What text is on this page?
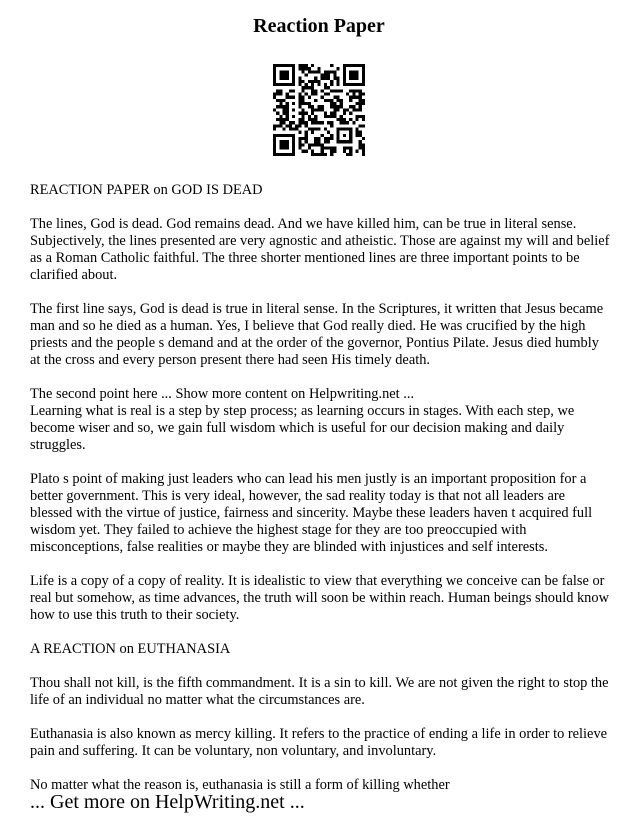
Reaction Paper

REACTION PAPER on GOD IS DEAD

The lines, God is dead. God remains dead. And we have killed him, can be true in literal sense. Subjectively, the lines presented are very agnostic and atheistic. Those are against my will and belief as a Roman Catholic faithful. The three shorter mentioned lines are three important points to be clarified about.

The first line says, God is dead is true in literal sense. In the Scriptures, it written that Jesus became man and so he died as a human. Yes, I believe that God really died. He was crucified by the high priests and the people s demand and at the order of the governor, Pontius Pilate. Jesus died humbly at the cross and every person present there had seen His timely death.

The second point here ... Show more content on Helpwriting.net ...

Learning what is real is a step by step process; as learning occurs in stages. With each step, we become wiser and so, we gain full wisdom which is useful for our decision making and daily struggles.

Plato s point of making just leaders who can lead his men justly is an important proposition for a better government. This is very ideal, however, the sad reality today is that not all leaders are blessed with the virtue of justice, fairness and sincerity. Maybe these leaders haven t acquired full wisdom yet. They failed to achieve the highest stage for they are too preoccupied with misconceptions, false realities or maybe they are blinded with injustices and self interests.

Life is a copy of a copy of reality. It is idealistic to view that everything we conceive can be false or real but somehow, as time advances, the truth will soon be within reach. Human beings should know how to use this truth to their society.

A REACTION on EUTHANASIA

Thou shall not kill, is the fifth commandment. It is a sin to kill. We are not given the right to stop the life of an individual no matter what the circumstances are.

Euthanasia is also known as mercy killing. It refers to the practice of ending a life in order to relieve pain and suffering. It can be voluntary, non voluntary, and involuntary.

No matter what the reason is, euthanasia is still a form of killing whether

... Get more on HelpWriting.net ...
